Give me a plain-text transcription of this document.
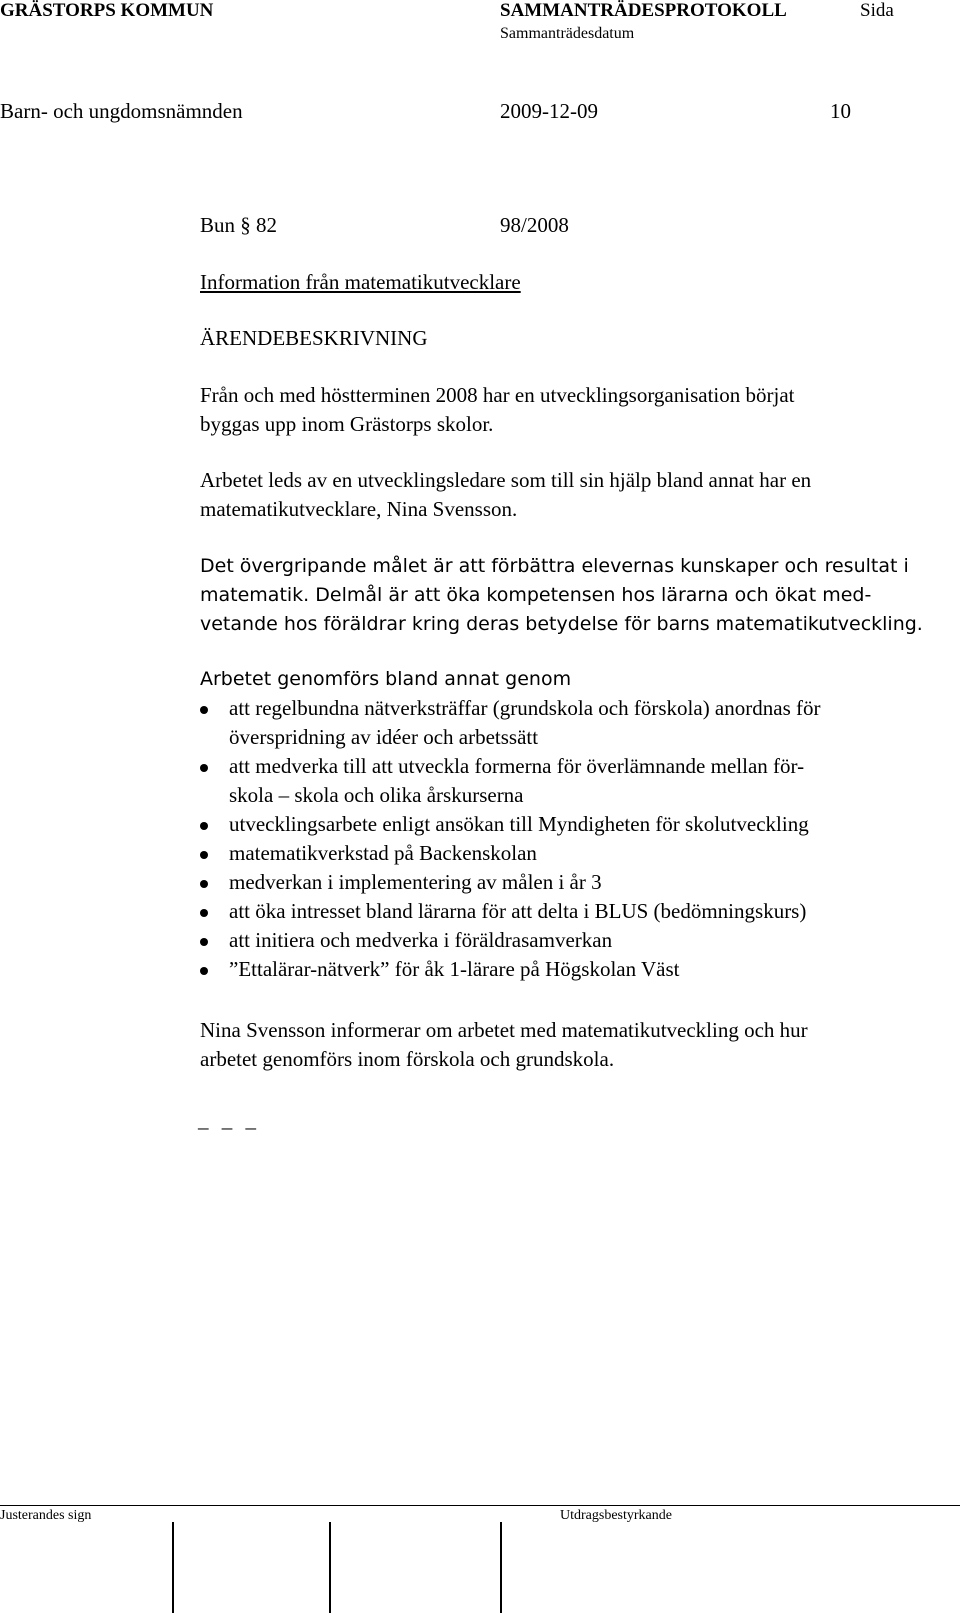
GRÄSTORPS KOMMUN	SAMMANTRÄDESPROTOKOLL	Sida
Sammanträdesdatum
Barn- och ungdomsnämnden	2009-12-09	10
Bun § 82	98/2008
Information från matematikutvecklare
ÄRENDEBESKRIVNING
Från och med höstterminen 2008 har en utvecklingsorganisation börjat
byggas upp inom Grästorps skolor.
Arbetet leds av en utvecklingsledare som till sin hjälp bland annat har en
matematikutvecklare, Nina Svensson.
Det övergripande målet är att förbättra elevernas kunskaper och resultat i
matematik. Delmål är att öka kompetensen hos lärarna och ökat med-
vetande hos föräldrar kring deras betydelse för barns matematikutveckling.
Arbetet genomförs bland annat genom
att regelbundna nätverksträffar (grundskola och förskola) anordnas för
överspridning av idéer och arbetssätt
att medverka till att utveckla formerna för överlämnande mellan för-
skola – skola och olika årskurserna
utvecklingsarbete enligt ansökan till Myndigheten för skolutveckling
matematikverkstad på Backenskolan
medverkan i implementering av målen i år 3
att öka intresset bland lärarna för att delta i BLUS (bedömningskurs)
att initiera och medverka i föräldrasamverkan
”Ettalärar-nätverk” för åk 1-lärare på Högskolan Väst
Nina Svensson informerar om arbetet med matematikutveckling och hur
arbetet genomförs inom förskola och grundskola.
_ _ _
Justerandes sign	Utdragsbestyrkande
